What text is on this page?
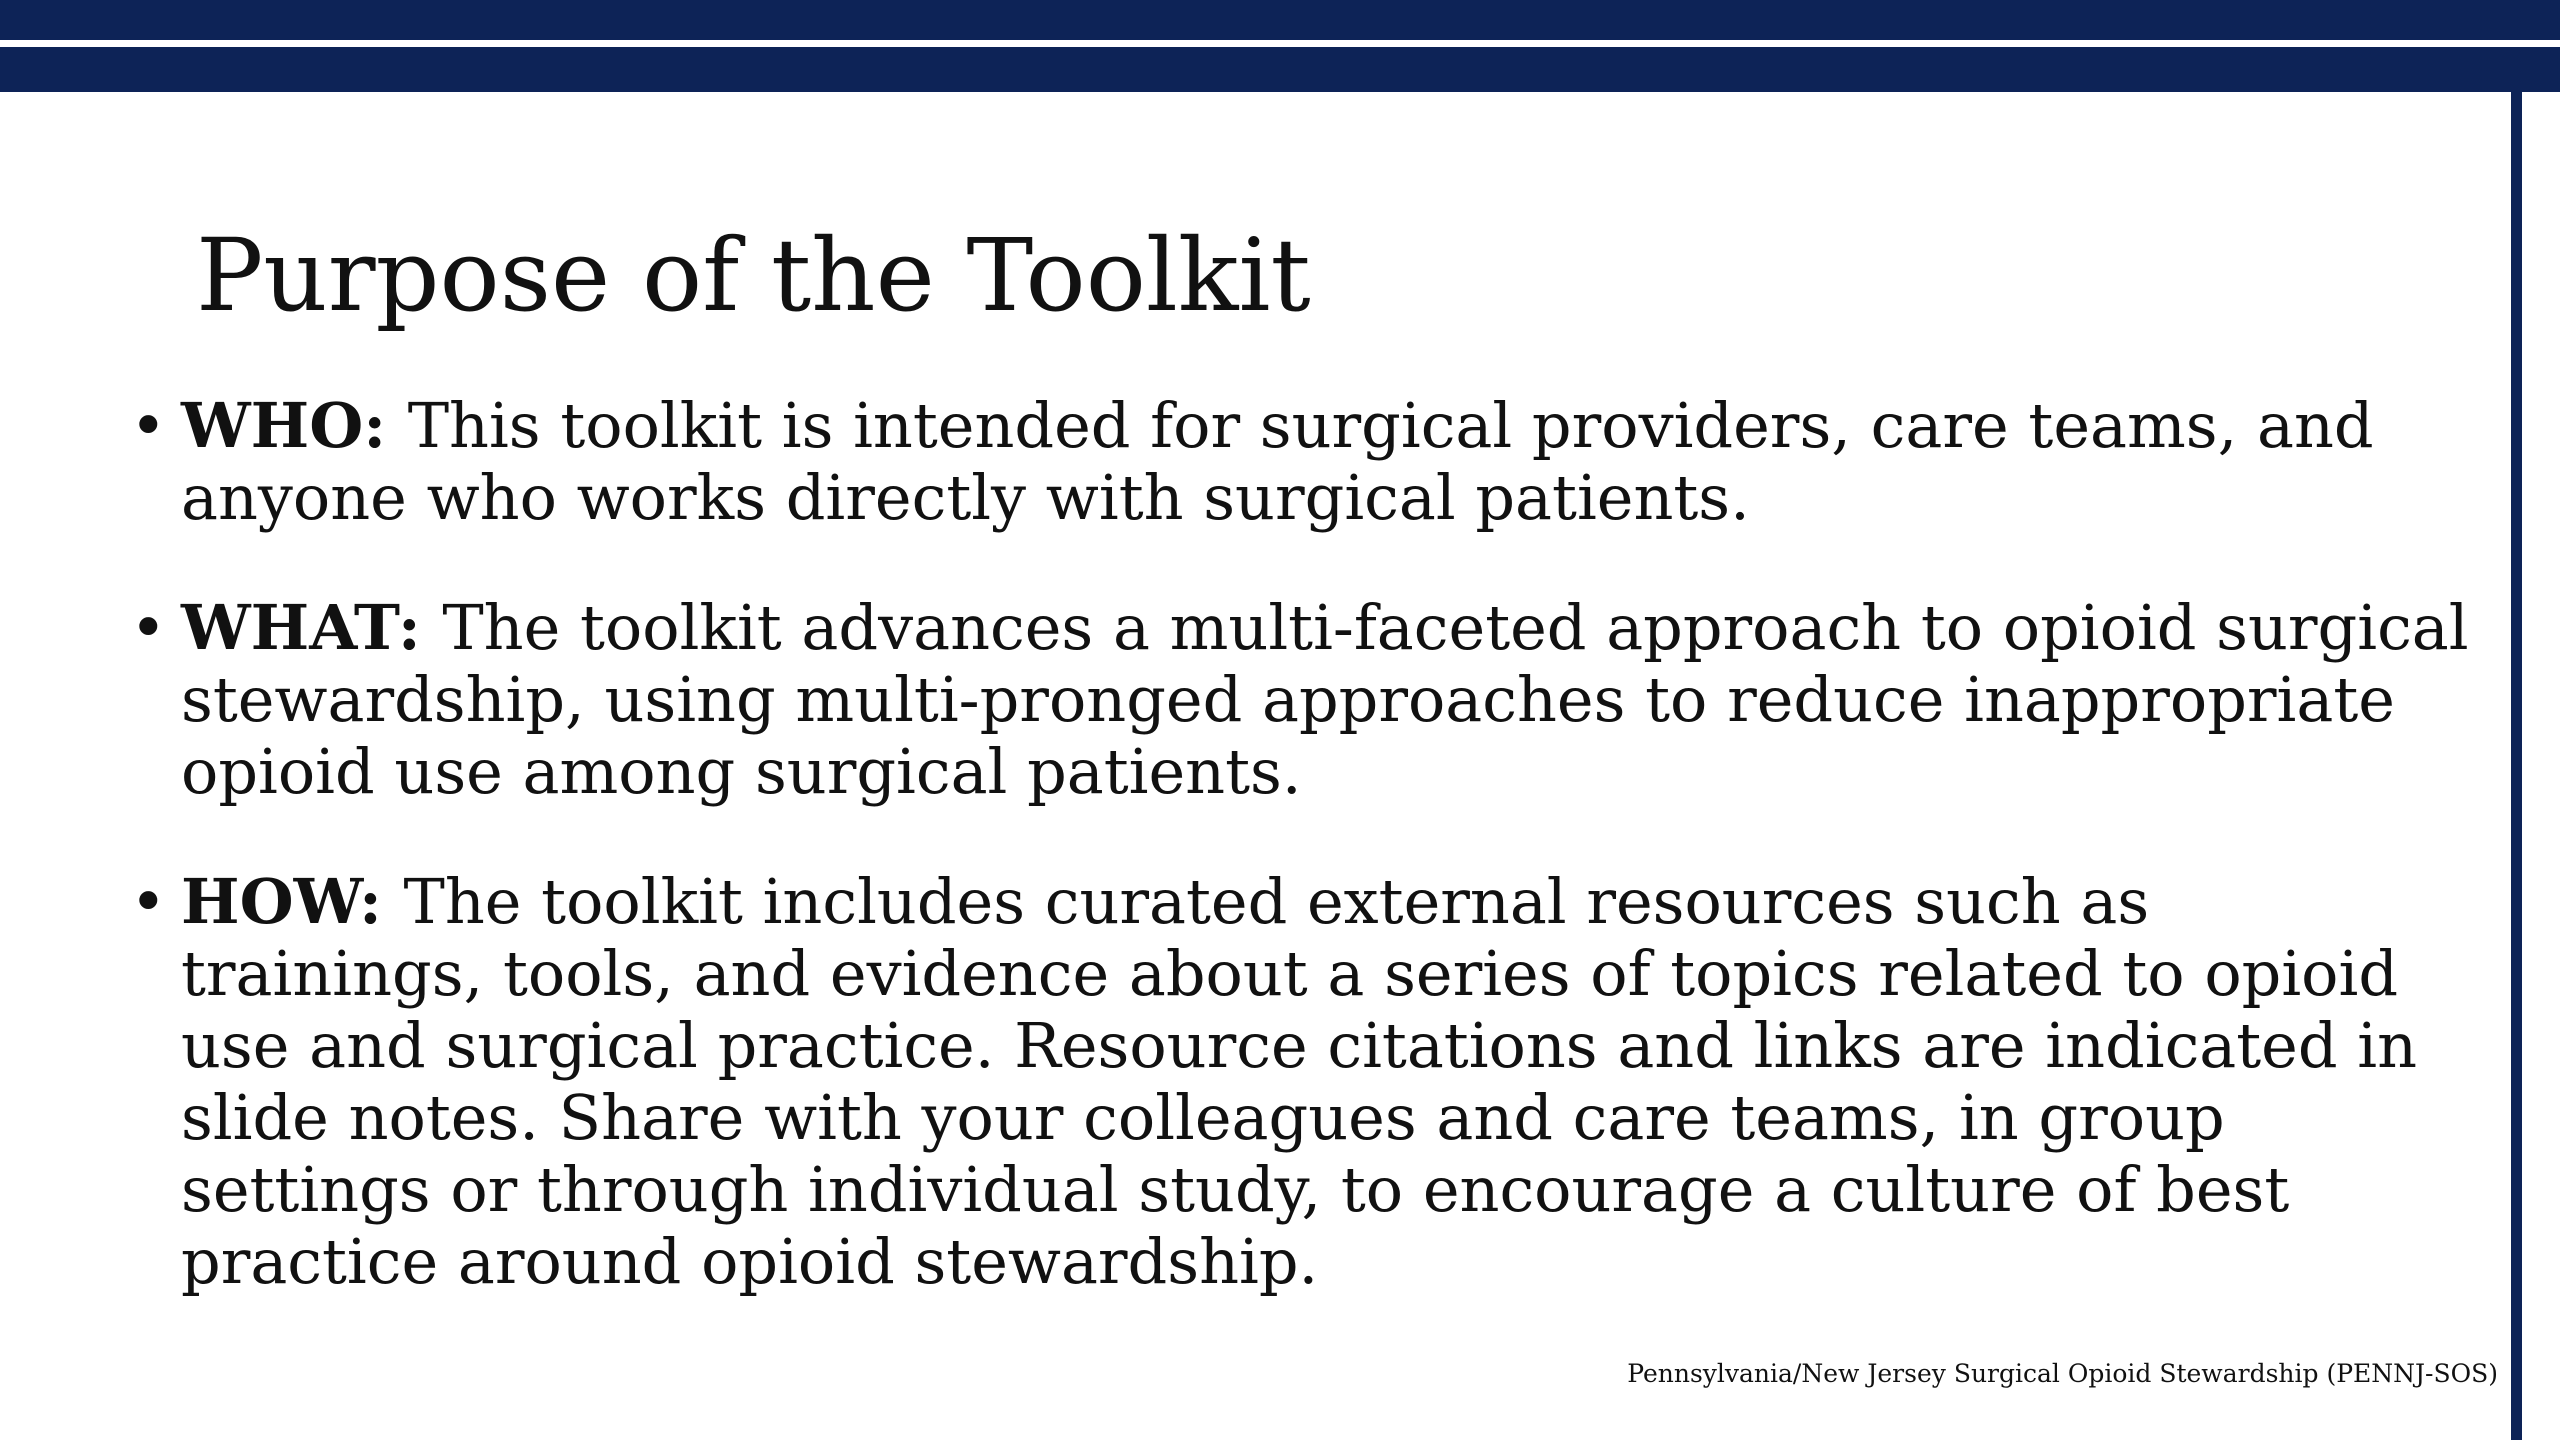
Purpose of the Toolkit
• WHO: This toolkit is intended for surgical providers, care teams, and anyone who works directly with surgical patients.
• WHAT: The toolkit advances a multi-faceted approach to opioid surgical stewardship, using multi-pronged approaches to reduce inappropriate opioid use among surgical patients.
• HOW: The toolkit includes curated external resources such as trainings, tools, and evidence about a series of topics related to opioid use and surgical practice. Resource citations and links are indicated in slide notes. Share with your colleagues and care teams, in group settings or through individual study, to encourage a culture of best practice around opioid stewardship.

Pennsylvania/New Jersey Surgical Opioid Stewardship (PENNJ-SOS)
